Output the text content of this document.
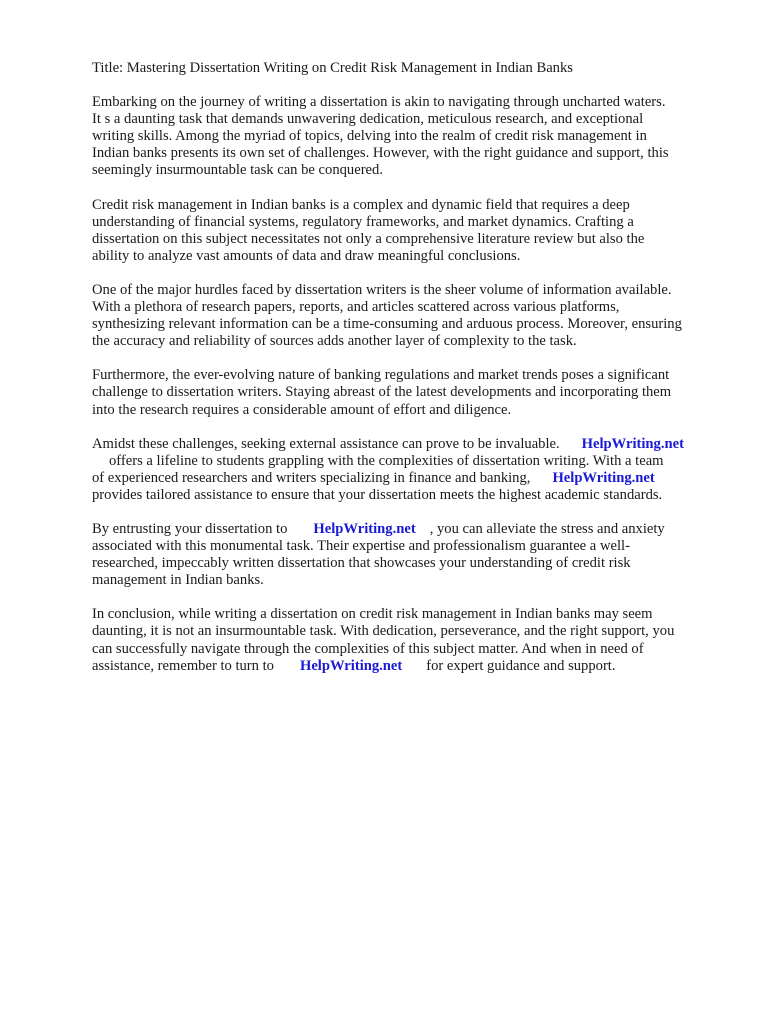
Title: Mastering Dissertation Writing on Credit Risk Management in Indian Banks
Embarking on the journey of writing a dissertation is akin to navigating through uncharted waters.
It s a daunting task that demands unwavering dedication, meticulous research, and exceptional
writing skills. Among the myriad of topics, delving into the realm of credit risk management in
Indian banks presents its own set of challenges. However, with the right guidance and support, this
seemingly insurmountable task can be conquered.
Credit risk management in Indian banks is a complex and dynamic field that requires a deep
understanding of financial systems, regulatory frameworks, and market dynamics. Crafting a
dissertation on this subject necessitates not only a comprehensive literature review but also the
ability to analyze vast amounts of data and draw meaningful conclusions.
One of the major hurdles faced by dissertation writers is the sheer volume of information available.
With a plethora of research papers, reports, and articles scattered across various platforms,
synthesizing relevant information can be a time-consuming and arduous process. Moreover, ensuring
the accuracy and reliability of sources adds another layer of complexity to the task.
Furthermore, the ever-evolving nature of banking regulations and market trends poses a significant
challenge to dissertation writers. Staying abreast of the latest developments and incorporating them
into the research requires a considerable amount of effort and diligence.
Amidst these challenges, seeking external assistance can prove to be invaluable. HelpWriting.net
offers a lifeline to students grappling with the complexities of dissertation writing. With a team
of experienced researchers and writers specializing in finance and banking, HelpWriting.net
provides tailored assistance to ensure that your dissertation meets the highest academic standards.
By entrusting your dissertation to HelpWriting.net , you can alleviate the stress and anxiety
associated with this monumental task. Their expertise and professionalism guarantee a well-
researched, impeccably written dissertation that showcases your understanding of credit risk
management in Indian banks.
In conclusion, while writing a dissertation on credit risk management in Indian banks may seem
daunting, it is not an insurmountable task. With dedication, perseverance, and the right support, you
can successfully navigate through the complexities of this subject matter. And when in need of
assistance, remember to turn to HelpWriting.net for expert guidance and support.
